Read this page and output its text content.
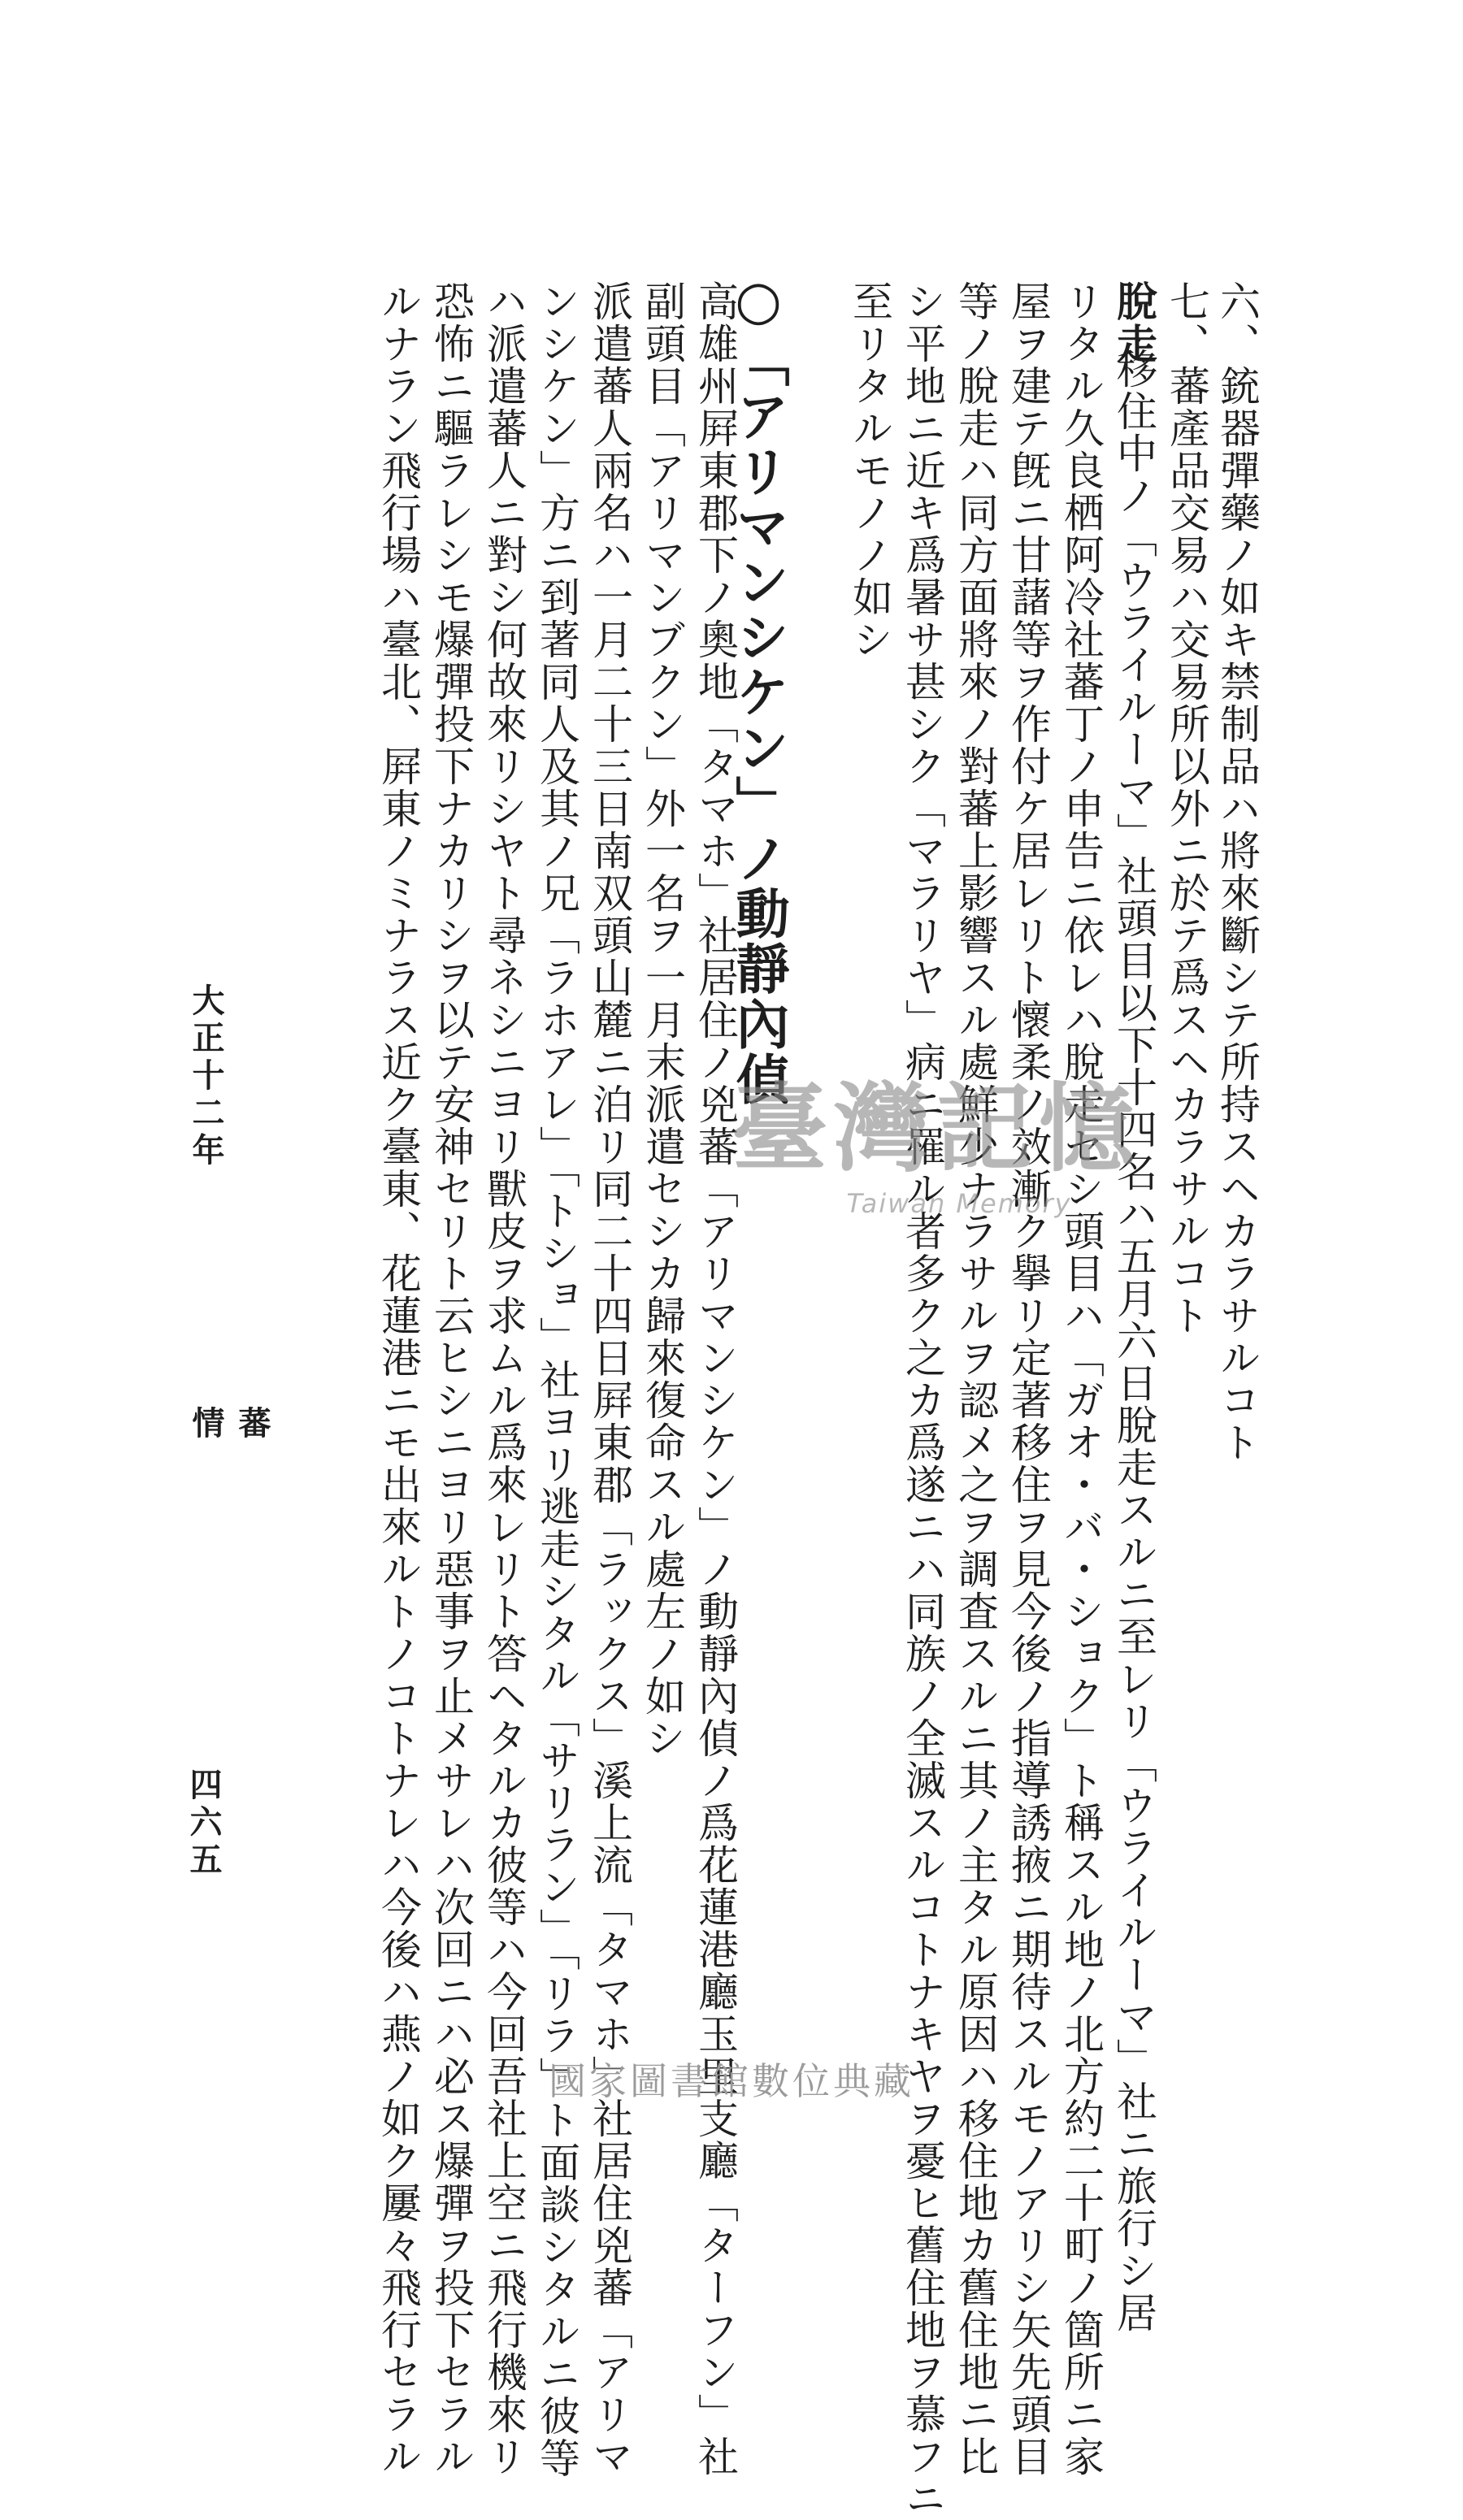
六、銃器彈藥ノ如キ禁制品ハ將來斷シテ所持スヘカラサルコト
七、蕃產品交易ハ交易所以外ニ於テ爲スヘカラサルコト
脫走
移住中ノ「ウライルーマ」社頭目以下十四名ハ五月六日脫走スルニ至レリ「ウライルーマ」社ニ旅行シ居
リタル久良栖阿冷社蕃丁ノ申告ニ依レハ脫走セシ頭目ハ「ガオ・バ・ショク」ト稱スル地ノ北方約二十町ノ箇所ニ家
屋ヲ建テ旣ニ甘藷等ヲ作付ケ居レリト懷柔ノ效漸ク擧リ定著移住ヲ見今後ノ指導誘掖ニ期待スルモノアリシ矢先頭目
等ノ脫走ハ同方面將來ノ對蕃上影響スル處鮮少ナラサルヲ認メ之ヲ調査スルニ其ノ主タル原因ハ移住地カ舊住地ニ比
シ平地ニ近キ爲暑サ甚シク「マラリヤ」病ニ罹ル者多ク之カ爲遂ニハ同族ノ全滅スルコトナキヤヲ憂ヒ舊住地ヲ慕フニ
至リタルモノノ如シ
○「アリマンシケン」ノ動靜內偵
高雄州屛東郡下ノ奧地「タマホ」社居住ノ兇蕃「アリマンシケン」ノ動靜內偵ノ爲花蓮港廳玉里支廳「ターフン」社
副頭目「アリマンブクン」外一名ヲ一月末派遣セシカ歸來復命スル處左ノ如シ
派遣蕃人兩名ハ一月二十三日南双頭山麓ニ泊リ同二十四日屛東郡「ラックス」溪上流「タマホ」社居住兇蕃「アリマ
ンシケン」方ニ到著同人及其ノ兄「ラホアレ」「トショ」社ヨリ逃走シタル「サリラン」「リラ」ト面談シタルニ彼等
ハ派遣蕃人ニ對シ何故來リシヤト尋ネシニヨリ獸皮ヲ求ムル爲來レリト答ヘタルカ彼等ハ今回吾社上空ニ飛行機來リ
恐怖ニ驅ラレシモ爆彈投下ナカリシヲ以テ安神セリト云ヒシニヨリ惡事ヲ止メサレハ次回ニハ必ス爆彈ヲ投下セラル
ルナラン飛行場ハ臺北、屛東ノミナラス近ク臺東、花蓮港ニモ出來ルトノコトナレハ今後ハ燕ノ如ク屢々飛行セラル
大正十二年
蕃情
四六五
臺灣記憶
Taiwan Memory
國家圖書館數位典藏
